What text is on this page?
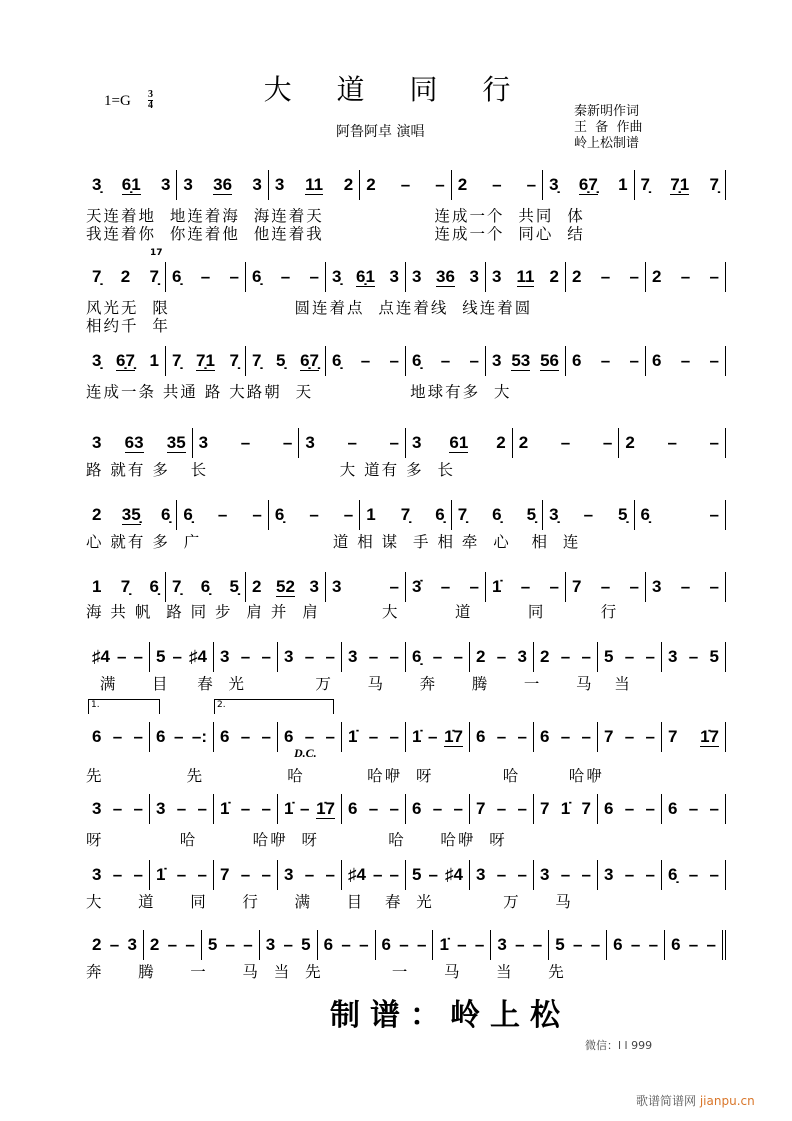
大 道 同 行
1=G 3
4
阿鲁阿卓 演唱
秦新明作词
王  备  作曲
岭上松制谱
3̣ 6̣1 3 3 36 3 3 11 2 2 – – 2 – – 3̣ 6̣7̣ 1 7̣ 7̣1 7̣
天连着地  地连着海  海连着天                连成一个  共同  体
我连着你  你连着他  他连着我                连成一个  同心  结
7̣ 2 7̣ 6̣ – – 6̣ – – 3̣ 6̣1 3 3 36 3 3 11 2 2 – – 2 – –
风光无  限                  圆连着点  点连着线  线连着圆
相约千  年
3̣ 6̣7̣ 1 7̣ 7̣1 7̣ 7̣ 5̣ 6̣7̣ 6̣ – – 6̣ – – 3 53 56 6 – – 6 – –
连成一条 共通 路 大路朝  天              地球有多  大
3 63 35 3 – – 3 – – 3 61 2 2 – – 2 – –
路 就有 多   长                   大 道有 多  长
2 35̣ 6̣ 6̣ – – 6̣ – – 1 7̣ 6̣ 7̣ 6̣ 5̣ 3̣ – 5̣ 6̣	–
心 就有 多  广                   道 相 谋  手 相 牵  心   相  连
1 7̣ 6̣ 7̣ 6̣ 5̣ 2 52 3 3	– 3̇ – – 1̇ – – 7 – – 3 – –
海 共 帆  路 同 步  肩 并  肩         大        道        同        行
♯4 – – 5 – ♯4 3 – – 3 – – 3 – – 6̣ – – 2 – 3 2 – – 5 – – 3 – 5
满     目    春  光          万     马     奔     腾     一     马   当
6 – – 6 – –: 6 – – 6 – – 1̇ – – 1̇ – 1̇7 6 – – 6 – – 7 – – 7 1̇7
先            先            哈         哈咿  呀          哈       哈咿
3 – – 3 – – 1̇ – – 1̇ – 1̇7 6 – – 6 – – 7 – – 7 1̇ 7 6 – – 6 – –
呀           哈        哈咿  呀          哈     哈咿  呀
3 – – 1̇ – – 7 – – 3 – – ♯4 – – 5 – ♯4 3 – – 3 – – 3 – – 6̣ – –
大     道     同     行     满     目   春  光          万     马
2 – 3 2 – – 5 – – 3 – 5 6 – – 6 – – 1̇ – – 3 – – 5 – – 6 – – 6 – –
奔     腾     一     马  当  先          一     马     当     先
17
1.	2.
D.C.
制谱：岭上松
微信：l l 999
歌谱简谱网 jianpu.cn
